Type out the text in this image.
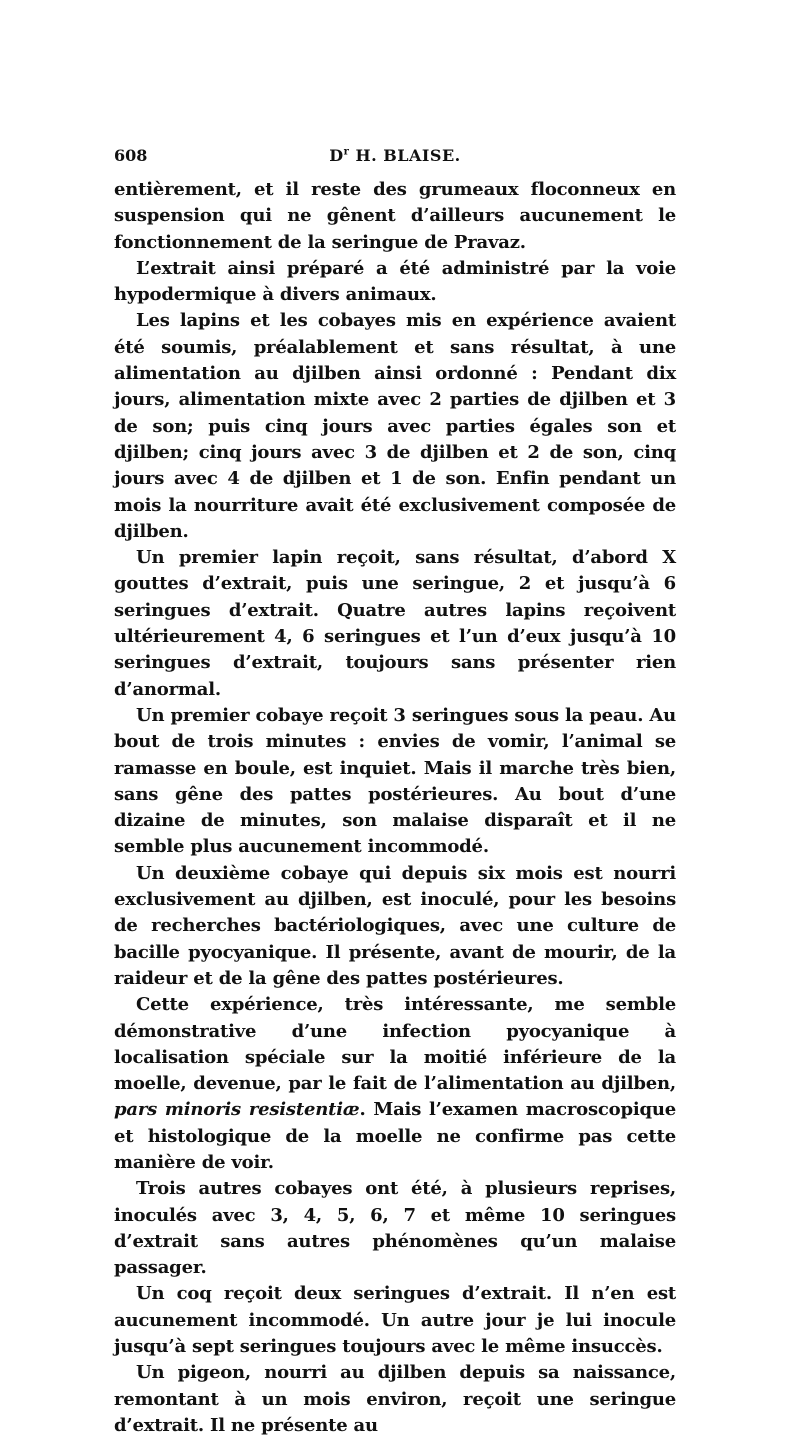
608	$D^r$ H. BLAISE.

entièrement, et il reste des grumeaux floconneux en suspension qui ne gênent d’ailleurs aucunement le fonctionnement de la seringue de Pravaz.

L’extrait ainsi préparé a été administré par la voie hypodermique à divers animaux.

Les lapins et les cobayes mis en expérience avaient été soumis, préalablement et sans résultat, à une alimentation au djilben ainsi ordonné : Pendant dix jours, alimentation mixte avec 2 parties de djilben et 3 de son; puis cinq jours avec parties égales son et djilben; cinq jours avec 3 de djilben et 2 de son, cinq jours avec 4 de djilben et 1 de son. Enfin pendant un mois la nourriture avait été exclusivement composée de djilben.

Un premier lapin reçoit, sans résultat, d’abord X gouttes d’extrait, puis une seringue, 2 et jusqu’à 6 seringues d’extrait. Quatre autres lapins reçoivent ultérieurement 4, 6 seringues et l’un d’eux jusqu’à 10 seringues d’extrait, toujours sans présenter rien d’anormal.

Un premier cobaye reçoit 3 seringues sous la peau. Au bout de trois minutes : envies de vomir, l’animal se ramasse en boule, est inquiet. Mais il marche très bien, sans gêne des pattes postérieures. Au bout d’une dizaine de minutes, son malaise disparaît et il ne semble plus aucunement incommodé.

Un deuxième cobaye qui depuis six mois est nourri exclusivement au djilben, est inoculé, pour les besoins de recherches bactériologiques, avec une culture de bacille pyocyanique. Il présente, avant de mourir, de la raideur et de la gêne des pattes postérieures.

Cette expérience, très intéressante, me semble démonstrative d’une infection pyocyanique à localisation spéciale sur la moitié inférieure de la moelle, devenue, par le fait de l’alimentation au djilben, pars minoris resistentiæ. Mais l’examen macroscopique et histologique de la moelle ne confirme pas cette manière de voir.

Trois autres cobayes ont été, à plusieurs reprises, inoculés avec 3, 4, 5, 6, 7 et même 10 seringues d’extrait sans autres phénomènes qu’un malaise passager.

Un coq reçoit deux seringues d’extrait. Il n’en est aucunement incommodé. Un autre jour je lui inocule jusqu’à sept seringues toujours avec le même insuccès.

Un pigeon, nourri au djilben depuis sa naissance, remontant à un mois environ, reçoit une seringue d’extrait. Il ne présente au
